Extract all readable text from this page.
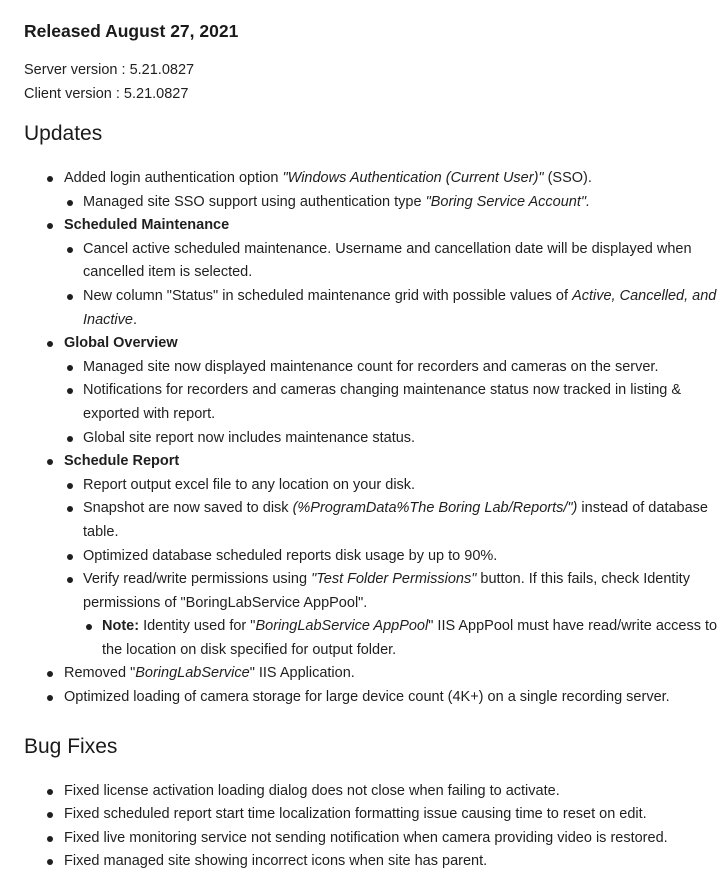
Released August 27, 2021
Server version : 5.21.0827
Client version : 5.21.0827
Updates
Added login authentication option "Windows Authentication (Current User)" (SSO).
Managed site SSO support using authentication type "Boring Service Account".
Scheduled Maintenance
Cancel active scheduled maintenance. Username and cancellation date will be displayed when cancelled item is selected.
New column "Status" in scheduled maintenance grid with possible values of Active, Cancelled, and Inactive.
Global Overview
Managed site now displayed maintenance count for recorders and cameras on the server.
Notifications for recorders and cameras changing maintenance status now tracked in listing & exported with report.
Global site report now includes maintenance status.
Schedule Report
Report output excel file to any location on your disk.
Snapshot are now saved to disk (%ProgramData%The Boring Lab/Reports/") instead of database table.
Optimized database scheduled reports disk usage by up to 90%.
Verify read/write permissions using "Test Folder Permissions" button. If this fails, check Identity permissions of "BoringLabService AppPool".
Note: Identity used for "BoringLabService AppPool" IIS AppPool must have read/write access to the location on disk specified for output folder.
Removed "BoringLabService" IIS Application.
Optimized loading of camera storage for large device count (4K+) on a single recording server.
Bug Fixes
Fixed license activation loading dialog does not close when failing to activate.
Fixed scheduled report start time localization formatting issue causing time to reset on edit.
Fixed live monitoring service not sending notification when camera providing video is restored.
Fixed managed site showing incorrect icons when site has parent.
